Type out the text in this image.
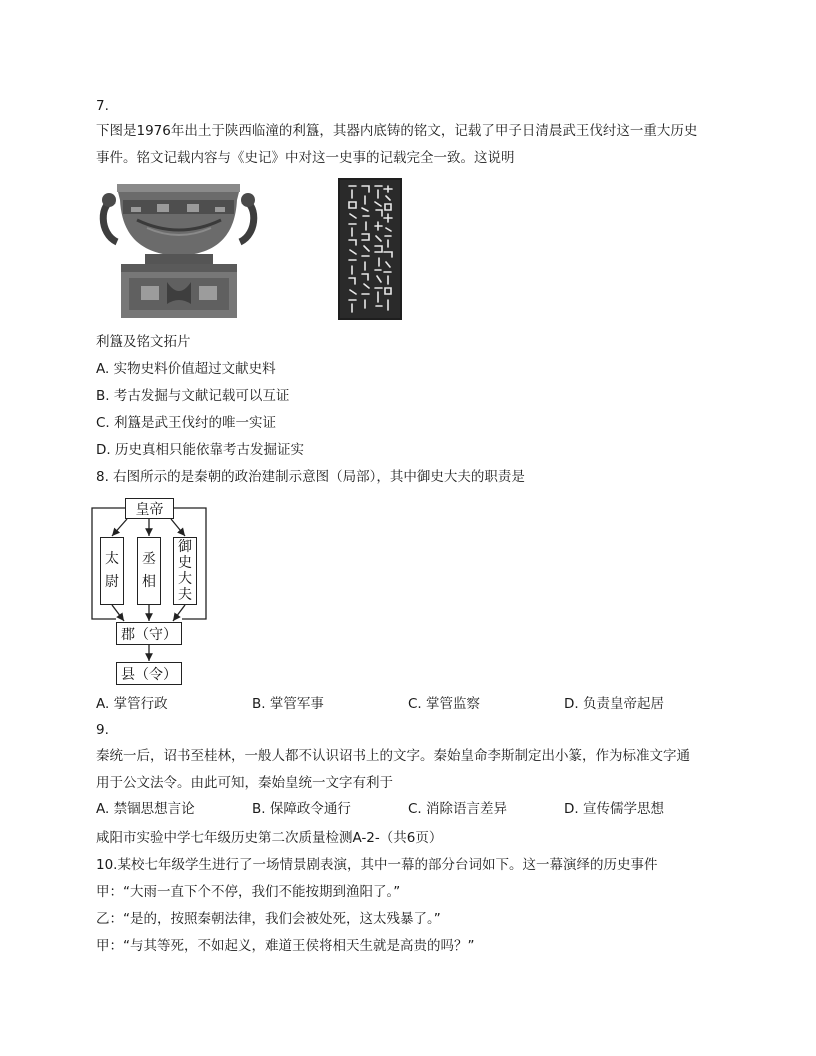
7.
下图是1976年出土于陕西临潼的利簋，其器内底铸的铭文，记载了甲子日清晨武王伐纣这一重大历史
事件。铭文记载内容与《史记》中对这一史事的记载完全一致。这说明
利簋及铭文拓片
A. 实物史料价值超过文献史料
B. 考古发掘与文献记载可以互证
C. 利簋是武王伐纣的唯一实证
D. 历史真相只能依靠考古发掘证实
8. 右图所示的是秦朝的政治建制示意图（局部），其中御史大夫的职责是
皇帝
太
尉
丞
相
御
史
大
夫
郡（守）
县（令）
A. 掌管行政	B. 掌管军事	C. 掌管监察	D. 负责皇帝起居
9.
秦统一后，诏书至桂林，一般人都不认识诏书上的文字。秦始皇命李斯制定出小篆，作为标准文字通
用于公文法令。由此可知，秦始皇统一文字有利于
A. 禁锢思想言论	B. 保障政令通行	C. 消除语言差异	D. 宣传儒学思想
咸阳市实验中学七年级历史第二次质量检测A-2-（共6页）
10.某校七年级学生进行了一场情景剧表演，其中一幕的部分台词如下。这一幕演绎的历史事件
甲：“大雨一直下个不停，我们不能按期到渔阳了。”
乙：“是的，按照秦朝法律，我们会被处死，这太残暴了。”
甲：“与其等死，不如起义，难道王侯将相天生就是高贵的吗？”
